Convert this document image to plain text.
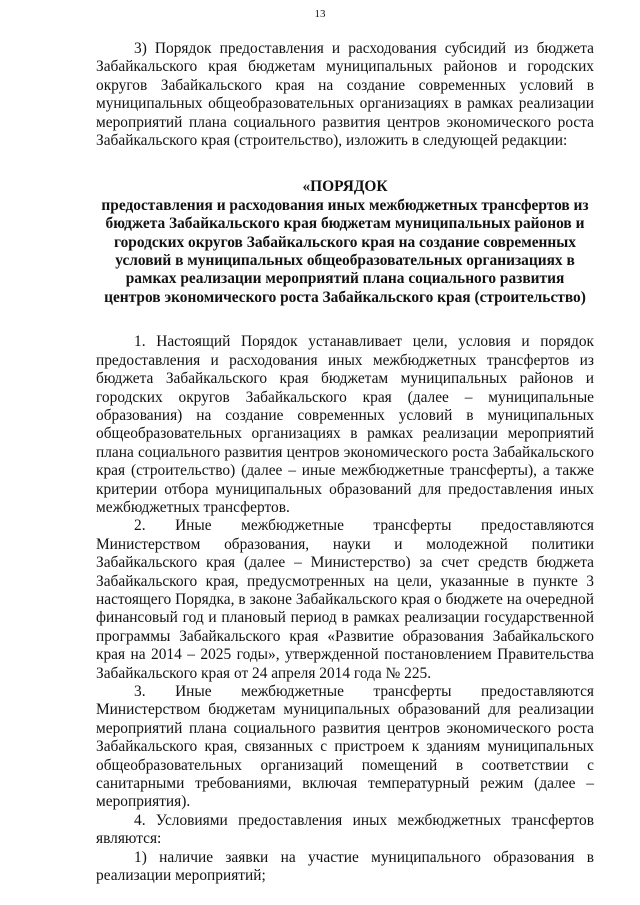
13

3) Порядок предоставления и расходования субсидий из бюджета Забайкальского края бюджетам муниципальных районов и городских округов Забайкальского края на создание современных условий в муниципальных общеобразовательных организациях в рамках реализации мероприятий плана социального развития центров экономического роста Забайкальского края (строительство), изложить в следующей редакции:

«ПОРЯДОК

предоставления и расходования иных межбюджетных трансфертов из бюджета Забайкальского края бюджетам муниципальных районов и городских округов Забайкальского края на создание современных условий в муниципальных общеобразовательных организациях в рамках реализации мероприятий плана социального развития центров экономического роста Забайкальского края (строительство)

1. Настоящий Порядок устанавливает цели, условия и порядок предоставления и расходования иных межбюджетных трансфертов из бюджета Забайкальского края бюджетам муниципальных районов и городских округов Забайкальского края (далее – муниципальные образования) на создание современных условий в муниципальных общеобразовательных организациях в рамках реализации мероприятий плана социального развития центров экономического роста Забайкальского края (строительство) (далее – иные межбюджетные трансферты), а также критерии отбора муниципальных образований для предоставления иных межбюджетных трансфертов.

2. Иные межбюджетные трансферты предоставляются Министерством образования, науки и молодежной политики Забайкальского края (далее – Министерство) за счет средств бюджета Забайкальского края, предусмотренных на цели, указанные в пункте 3 настоящего Порядка, в законе Забайкальского края о бюджете на очередной финансовый год и плановый период в рамках реализации государственной программы Забайкальского края «Развитие образования Забайкальского края на 2014 – 2025 годы», утвержденной постановлением Правительства Забайкальского края от 24 апреля 2014 года № 225.

3. Иные межбюджетные трансферты предоставляются Министерством бюджетам муниципальных образований для реализации мероприятий плана социального развития центров экономического роста Забайкальского края, связанных с пристроем к зданиям муниципальных общеобразовательных организаций помещений в соответствии с санитарными требованиями, включая температурный режим (далее – мероприятия).

4. Условиями предоставления иных межбюджетных трансфертов являются:

1) наличие заявки на участие муниципального образования в реализации мероприятий;
